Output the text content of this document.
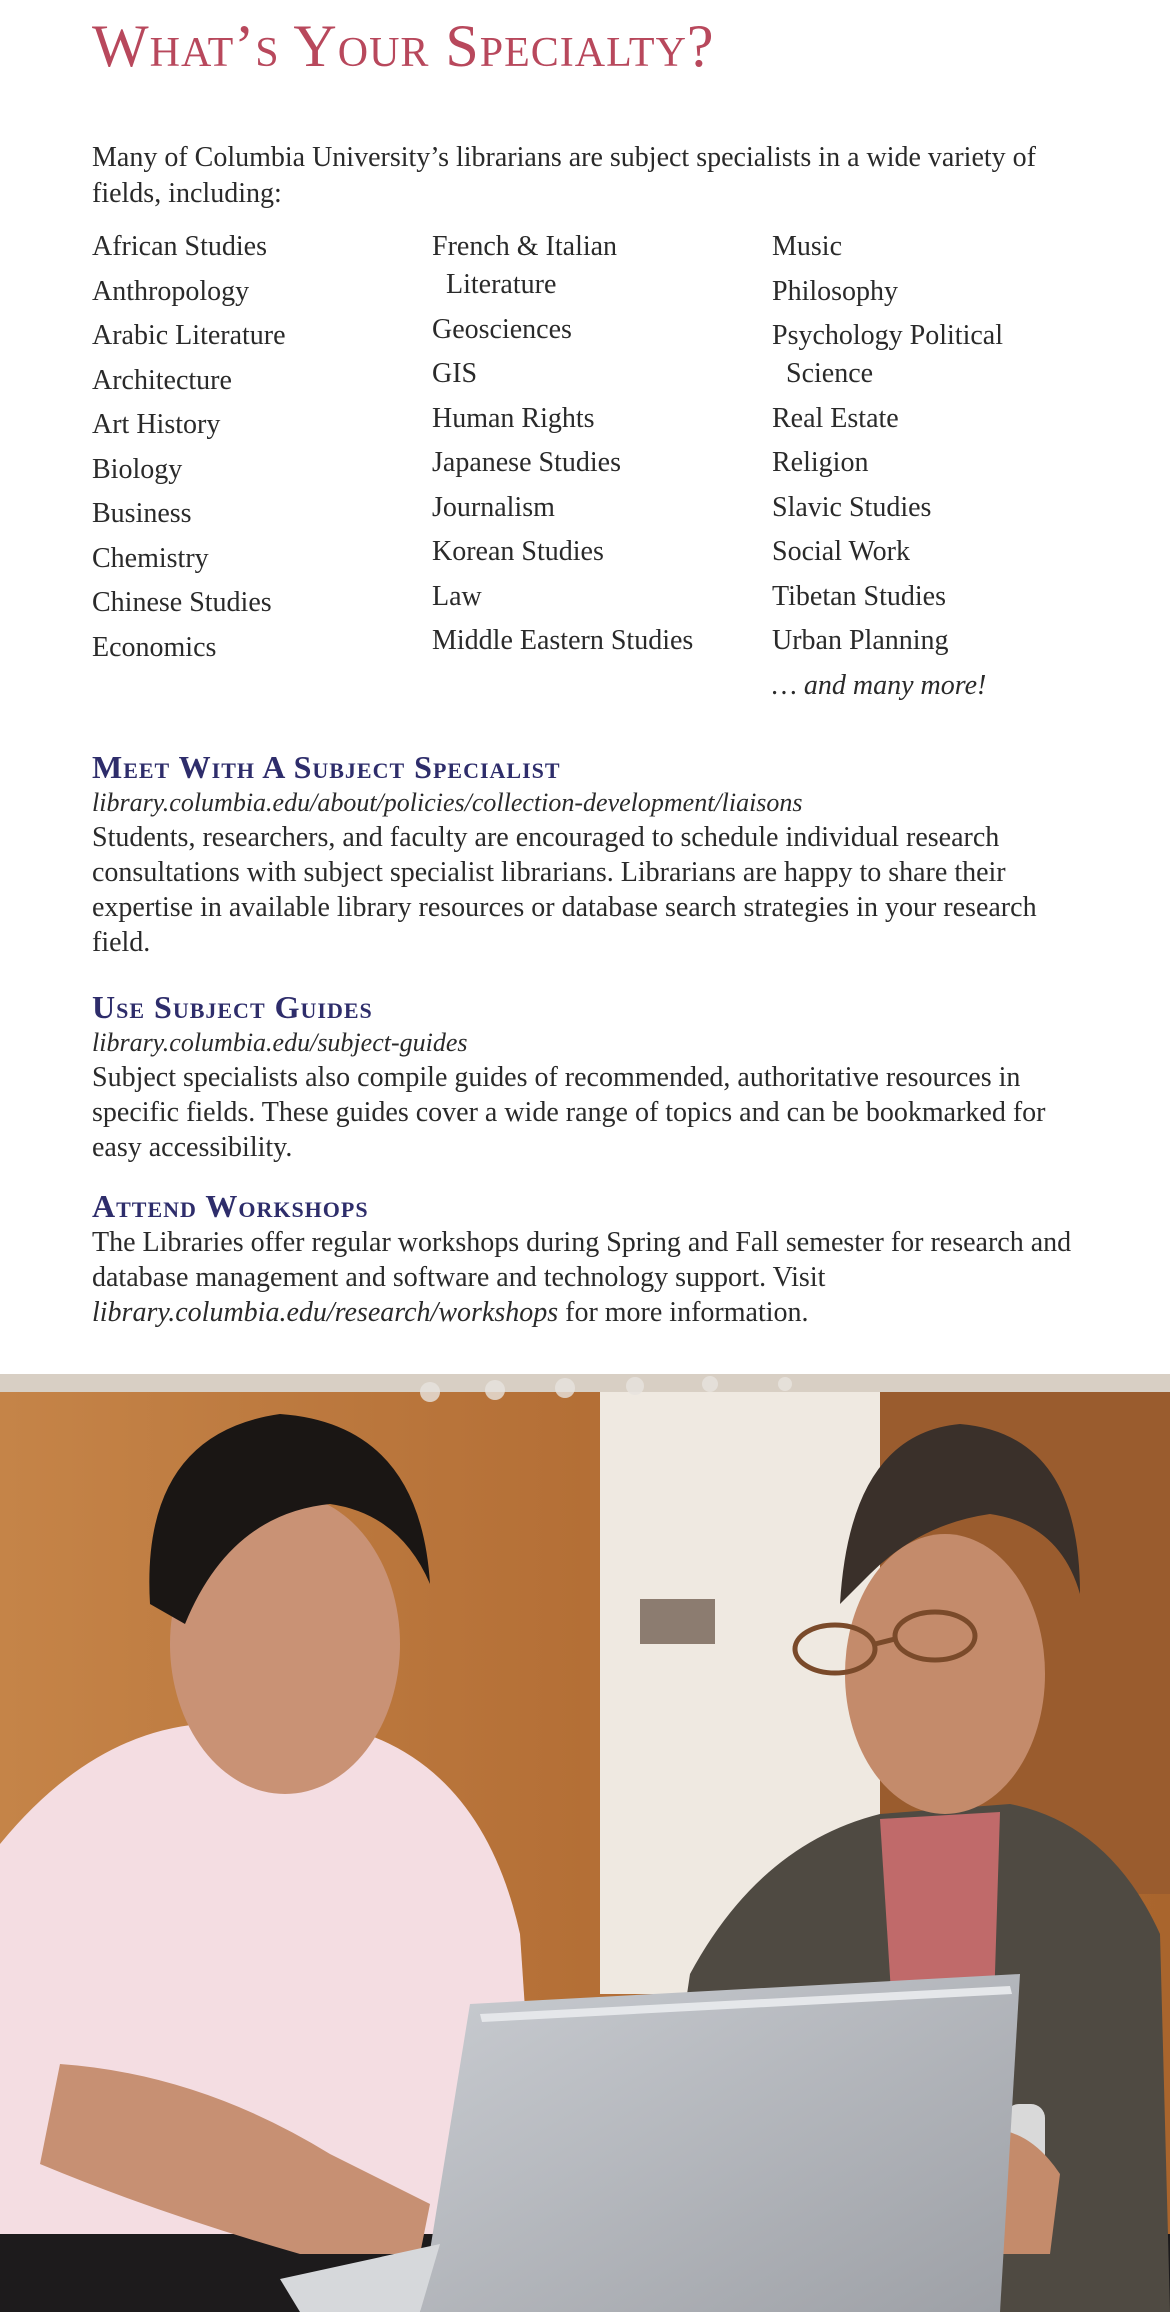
What’s Your Specialty?

Many of Columbia University’s librarians are subject specialists in a wide variety of fields, including:

African Studies
Anthropology
Arabic Literature
Architecture
Art History
Biology
Business
Chemistry
Chinese Studies
Economics
French & Italian Literature
Geosciences
GIS
Human Rights
Japanese Studies
Journalism
Korean Studies
Law
Middle Eastern Studies
Music
Philosophy
Psychology Political Science
Real Estate
Religion
Slavic Studies
Social Work
Tibetan Studies
Urban Planning
… and many more!
Meet With A Subject Specialist

library.columbia.edu/about/policies/collection-development/liaisons

Students, researchers, and faculty are encouraged to schedule individual research consultations with subject specialist librarians. Librarians are happy to share their expertise in available library resources or database search strategies in your research field.

Use Subject Guides

library.columbia.edu/subject-guides

Subject specialists also compile guides of recommended, authoritative resources in specific fields. These guides cover a wide range of topics and can be bookmarked for easy accessibility.

Attend Workshops

The Libraries offer regular workshops during Spring and Fall semester for research and database management and software and technology support. Visit library.columbia.edu/research/workshops for more information.
